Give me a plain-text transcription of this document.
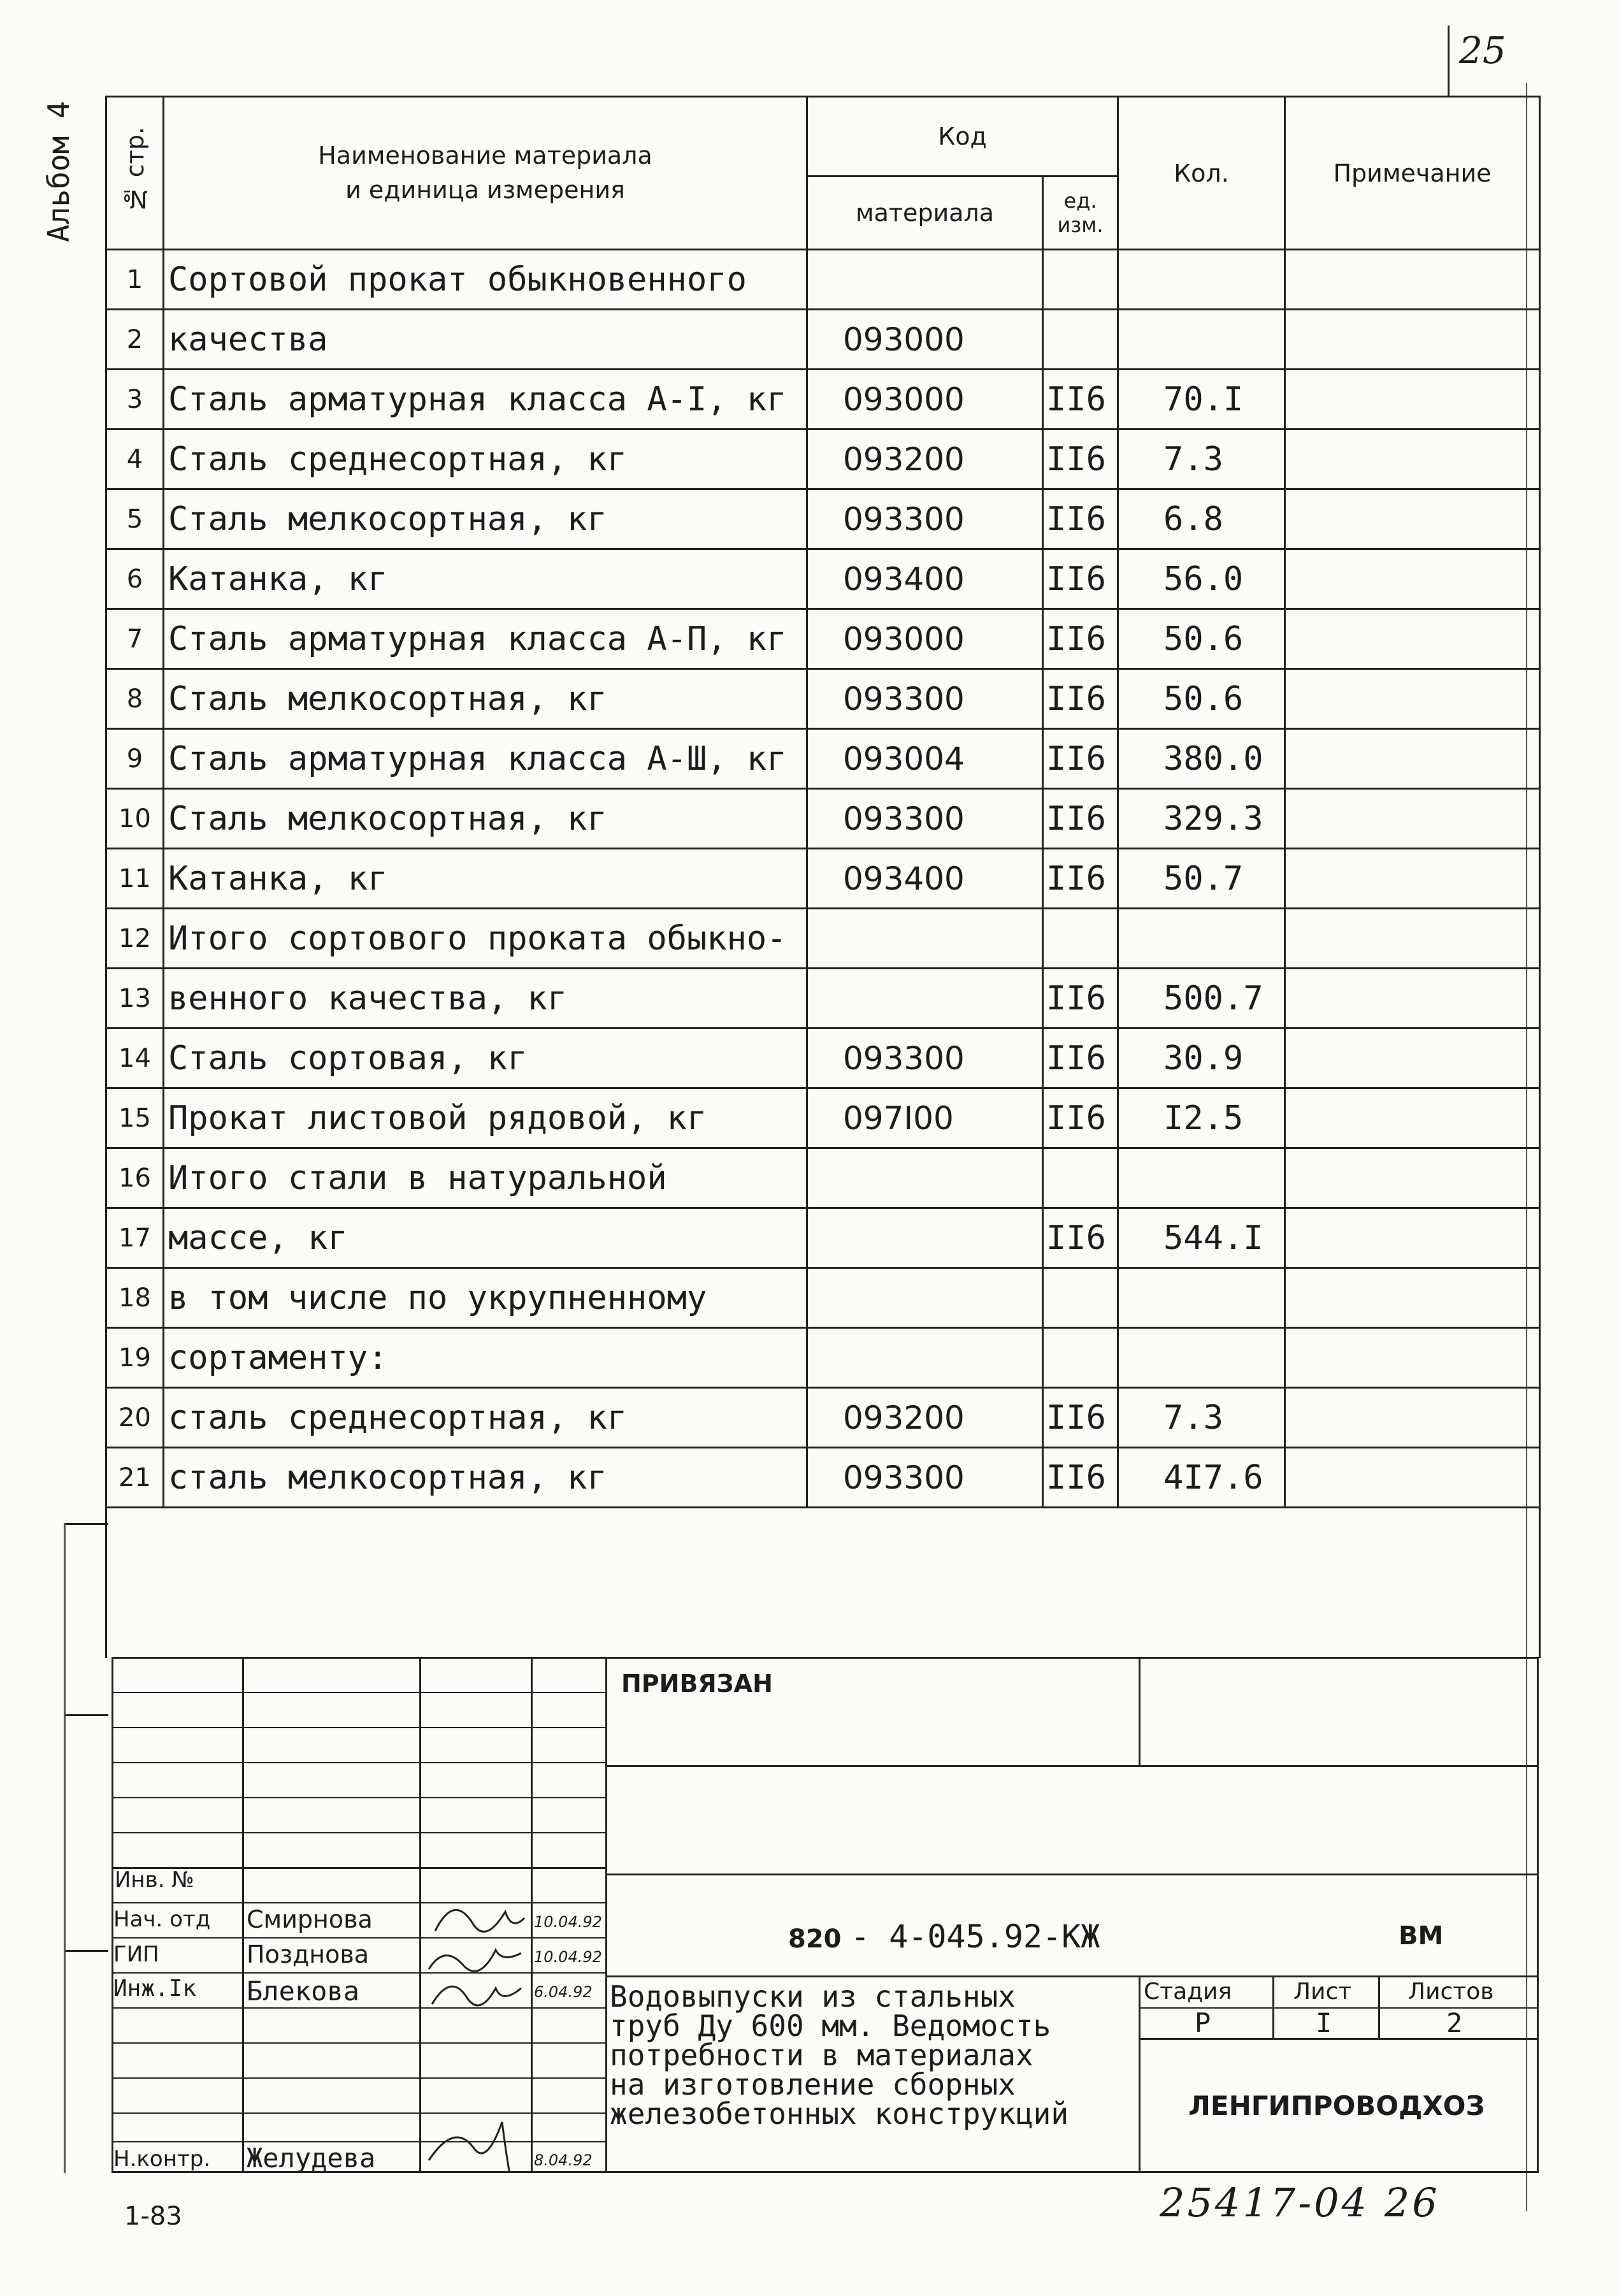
25
Альбом 4 № стр.	Наименование материала
и единица измерения	Код		Кол.	Примечание
		материала	ед.
изм.		
1	Сортовой прокат обыкновенного				
2	качества	093000			
3	Сталь арматурная класса А-I, кг	093000	II6	70.I	
4	Сталь среднесортная, кг	093200	II6	7.3	
5	Сталь мелкосортная, кг	093300	II6	6.8	
6	Катанка, кг	093400	II6	56.0	
7	Сталь арматурная класса А-П, кг	093000	II6	50.6	
8	Сталь мелкосортная, кг	093300	II6	50.6	
9	Сталь арматурная класса А-Ш, кг	093004	II6	380.0	
10	Сталь мелкосортная, кг	093300	II6	329.3	
11	Катанка, кг	093400	II6	50.7	
12	Итого сортового проката обыкно-				
13	венного качества, кг		II6	500.7	
14	Сталь сортовая, кг	093300	II6	30.9	
15	Прокат листовой рядовой, кг	097I00	II6	I2.5	
16	Итого стали в натуральной				
17	массе, кг		II6	544.I	
18	в том числе по укрупненному				
19	сортаменту:				
20	сталь среднесортная, кг	093200	II6	7.3	
21	сталь мелкосортная, кг	093300	II6	4I7.6	

ПРИВЯЗАН
Инв. №
Нач. отд Смирнова	10.04.92
ГИП	Позднова	10.04.92
Инж.Iк Блекова	6.04.92
Н.контр. Желудева	8.04.92
820 - 4-045.92-КЖ	ВМ
Водовыпуски из стальных
труб Ду 600 мм. Ведомость
потребности в материалах
на изготовление сборных
железобетонных конструкций
Стадия	Лист Листов
Р	I	2
ЛЕНГИПРОВОДХОЗ
1-83	25417-04 26
